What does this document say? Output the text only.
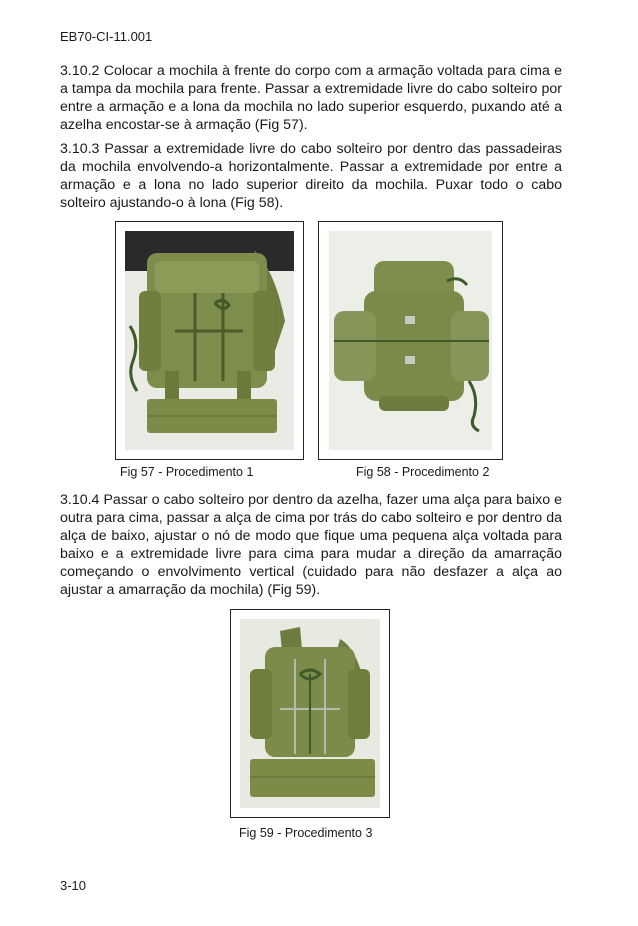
EB70-CI-11.001

3.10.2 Colocar a mochila à frente do corpo com a armação voltada para cima e a tampa da mochila para frente. Passar a extremidade livre do cabo solteiro por entre a armação e a lona da mochila no lado superior esquerdo, puxando até a azelha encostar-se à armação (Fig 57).

3.10.3 Passar a extremidade livre do cabo solteiro por dentro das passadeiras da mochila envolvendo-a horizontalmente. Passar a extremidade por entre a armação e a lona no lado superior direito da mochila. Puxar todo o cabo solteiro ajustando-o à lona (Fig 58).

Fig 57 - Procedimento 1	Fig 58 - Procedimento 2

3.10.4 Passar o cabo solteiro por dentro da azelha, fazer uma alça para baixo e outra para cima, passar a alça de cima por trás do cabo solteiro e por dentro da alça de baixo, ajustar o nó de modo que fique uma pequena alça voltada para baixo e a extremidade livre para cima para mudar a direção da amarração começando o envolvimento vertical (cuidado para não desfazer a alça ao ajustar a amarração da mochila) (Fig 59).

Fig 59 - Procedimento 3
3-10
